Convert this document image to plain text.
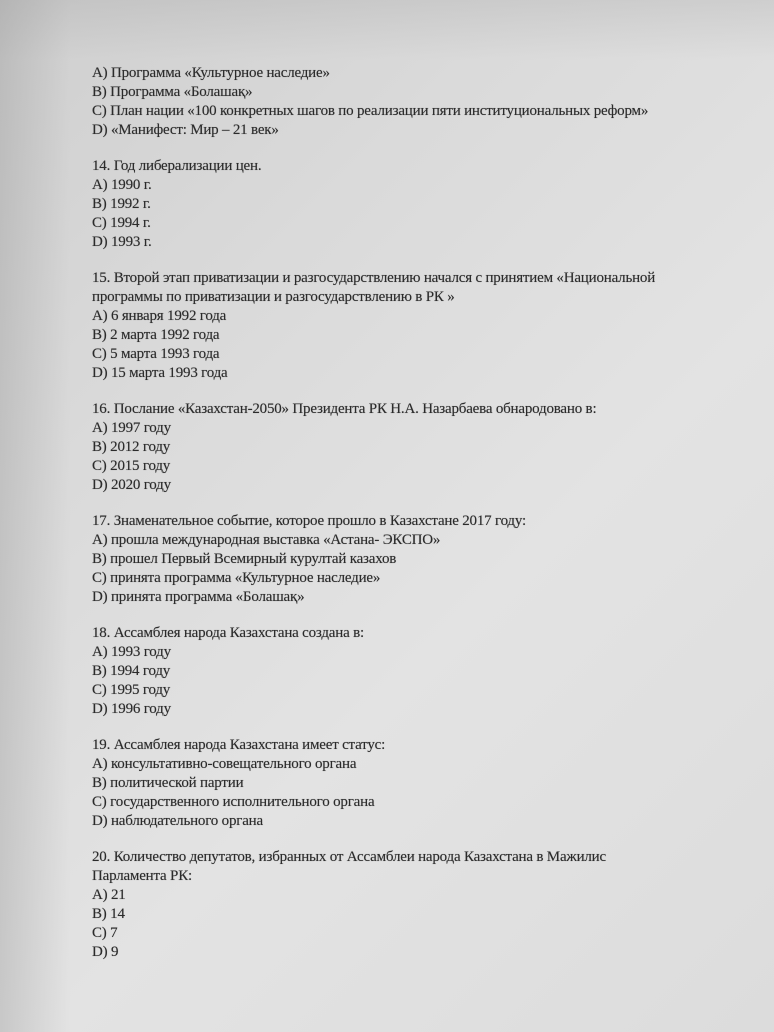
A) Программа «Культурное наследие»
B) Программа «Болашақ»
C) План нации «100 конкретных шагов по реализации пяти институциональных реформ»
D) «Манифест: Мир – 21 век»
14. Год либерализации цен.
A) 1990 г.
B) 1992 г.
C) 1994 г.
D) 1993 г.
15. Второй этап приватизации и разгосударствлению начался с принятием «Национальной
программы по приватизации и разгосударствлению в РК »
A) 6 января 1992 года
B) 2 марта 1992 года
C) 5 марта 1993 года
D) 15 марта 1993 года
16. Послание «Казахстан-2050» Президента РК Н.А. Назарбаева обнародовано в:
A) 1997 году
B) 2012 году
C) 2015 году
D) 2020 году
17. Знаменательное событие, которое прошло в Казахстане 2017 году:
A) прошла международная выставка «Астана- ЭКСПО»
B) прошел Первый Всемирный курултай казахов
C) принята программа «Культурное наследие»
D) принята программа «Болашақ»
18. Ассамблея народа Казахстана создана в:
A) 1993 году
B) 1994 году
C) 1995 году
D) 1996 году
19. Ассамблея народа Казахстана имеет статус:
A) консультативно-совещательного органа
B) политической партии
C) государственного исполнительного органа
D) наблюдательного органа
20. Количество депутатов, избранных от Ассамблеи народа Казахстана в Мажилис
Парламента РК:
A) 21
B) 14
C) 7
D) 9
